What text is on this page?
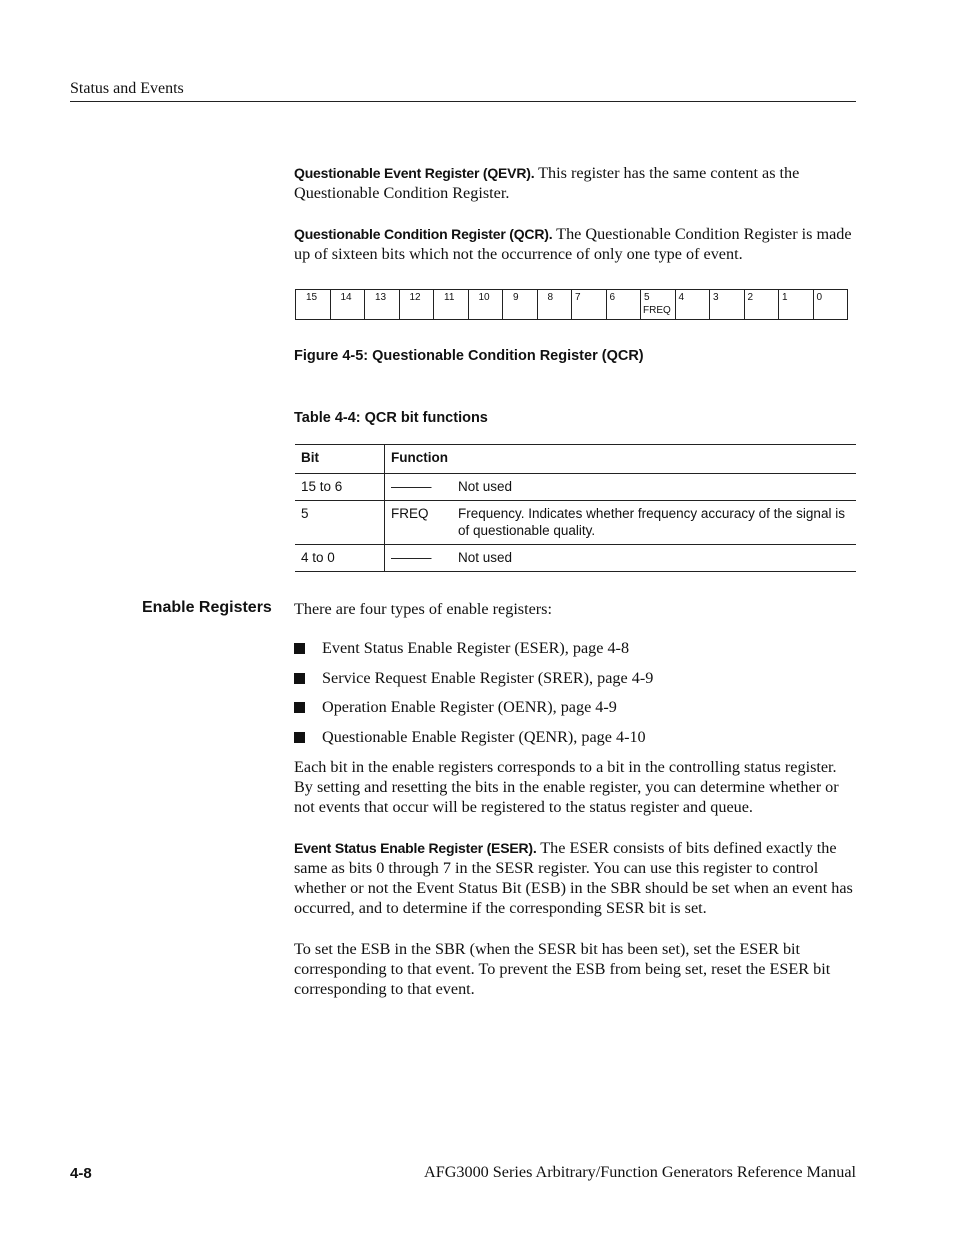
Status and Events
Questionable Event Register (QEVR). This register has the same content as the Questionable Condition Register.
Questionable Condition Register (QCR). The Questionable Condition Register is made up of sixteen bits which not the occurrence of only one type of event.
15 14 13 12 11 10 9	8 7	6	5
FREQ
4	3	2	1	0
Figure 4-5: Questionable Condition Register (QCR)
Table 4-4: QCR bit functions
Bit	Function	
15 to 6	———	Not used
5	FREQ	Frequency. Indicates whether frequency accuracy of the signal is of questionable quality.
4 to 0	———	Not used
Enable Registers There are four types of enable registers:
Event Status Enable Register (ESER), page 4-8
Service Request Enable Register (SRER), page 4-9
Operation Enable Register (OENR), page 4-9
Questionable Enable Register (QENR), page 4-10
Each bit in the enable registers corresponds to a bit in the controlling status register. By setting and resetting the bits in the enable register, you can determine whether or not events that occur will be registered to the status register and queue.
Event Status Enable Register (ESER). The ESER consists of bits defined exactly the same as bits 0 through 7 in the SESR register. You can use this register to control whether or not the Event Status Bit (ESB) in the SBR should be set when an event has occurred, and to determine if the corresponding SESR bit is set.
To set the ESB in the SBR (when the SESR bit has been set), set the ESER bit corresponding to that event. To prevent the ESB from being set, reset the ESER bit corresponding to that event.
4-8	AFG3000 Series Arbitrary/Function Generators Reference Manual
